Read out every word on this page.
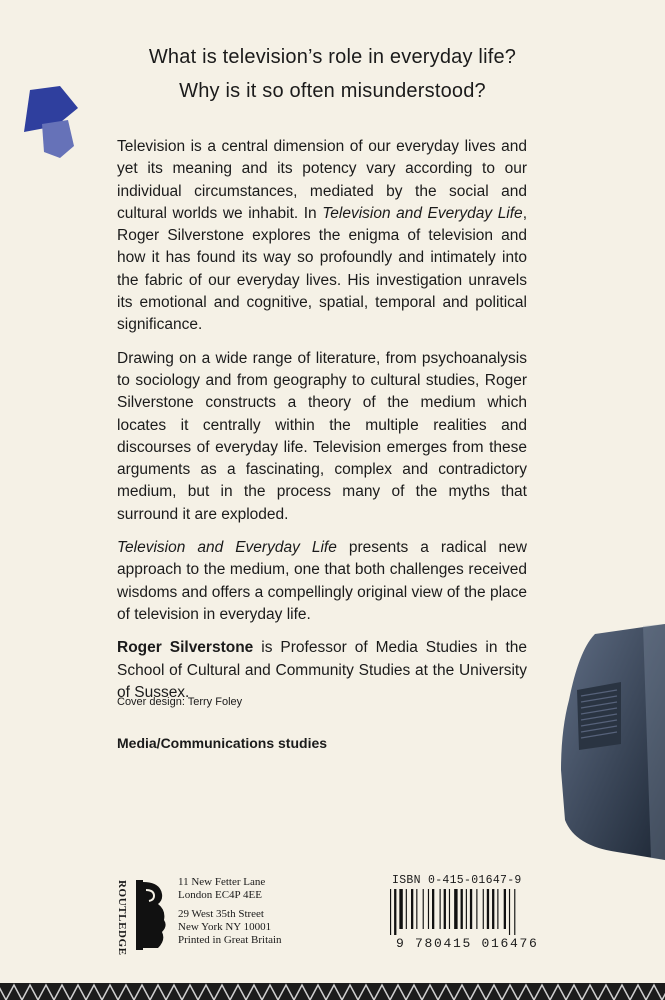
What is television’s role in everyday life?
Why is it so often misunderstood?

Television is a central dimension of our everyday lives and yet its meaning and its potency vary according to our individual circumstances, mediated by the social and cultural worlds we inhabit. In Television and Everyday Life, Roger Silverstone explores the enigma of television and how it has found its way so profoundly and intimately into the fabric of our everyday lives. His investigation unravels its emotional and cognitive, spatial, temporal and political significance.

Drawing on a wide range of literature, from psychoanalysis to sociology and from geography to cultural studies, Roger Silverstone constructs a theory of the medium which locates it centrally within the multiple realities and discourses of everyday life. Television emerges from these arguments as a fascinating, complex and contradictory medium, but in the process many of the myths that surround it are exploded.

Television and Everyday Life presents a radical new approach to the medium, one that both challenges received wisdoms and offers a compellingly original view of the place of television in everyday life.

Roger Silverstone is Professor of Media Studies in the School of Cultural and Community Studies at the University of Sussex.

Cover design: Terry Foley
Media/Communications studies
ROUTLEDGE	11 New Fetter Lane
London EC4P 4EE
29 West 35th Street
New York NY 10001
Printed in Great Britain
ISBN 0-415-01647-9
9 780415 016476
